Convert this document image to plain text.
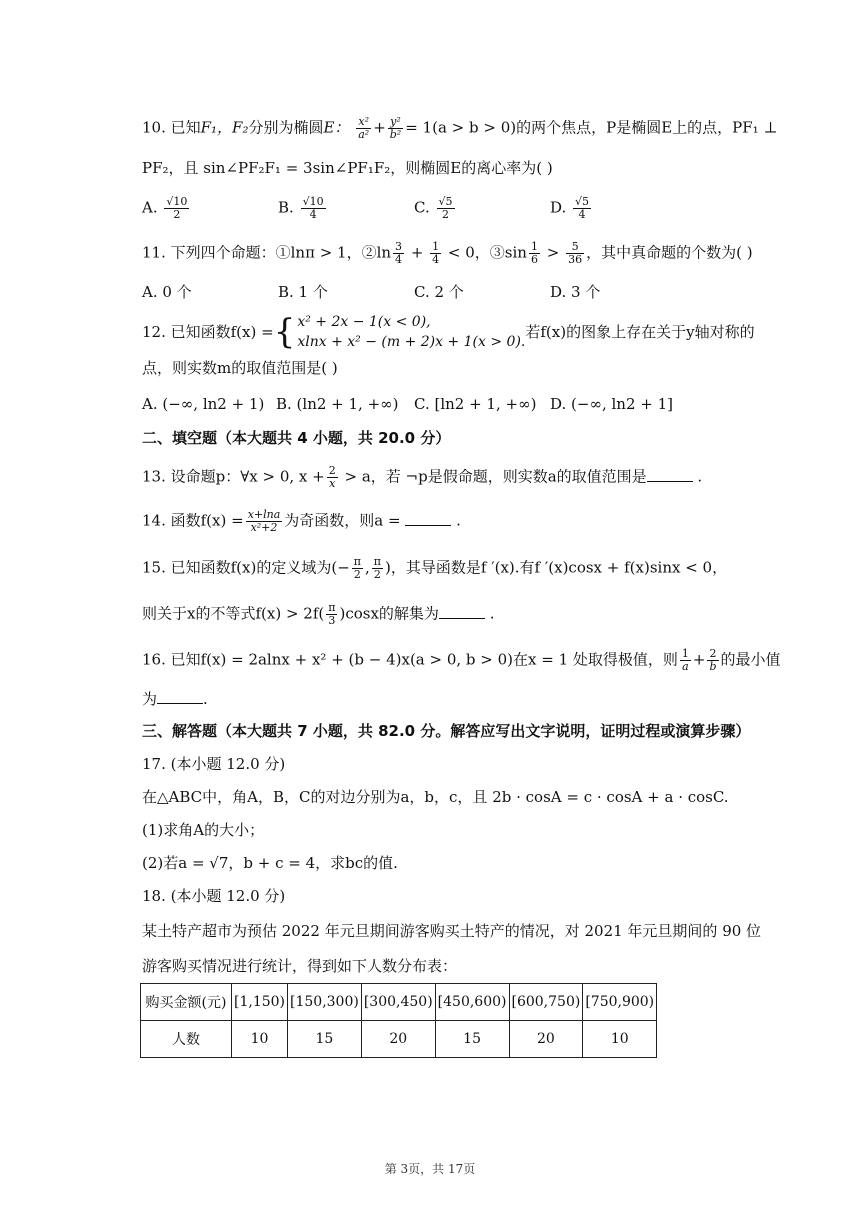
10. 已知F₁，F₂分别为椭圆E： $\frac{\text{x²}}{\text{a²}} + \frac{\text{y²}}{\text{b²}} = 1(a > b > 0)$的两个焦点，P是椭圆E上的点，PF₁ ⊥
PF₂，且 sin∠PF₂F₁ = 3sin∠PF₁F₂，则椭圆E的离心率为( )
A. $\frac{√10}{2}$	B. $\frac{√10}{4}$	C. $\frac{√5}{2}$	D. $\frac{√5}{4}$
11. 下列四个命题：①lnπ > 1，②ln $\frac{3}{4} + \frac{1}{4} < 0$，③sin $\frac{1}{6} > \frac{5}{36}$ ，其中真命题的个数为( )
A. 0 个	B. 1 个	C. 2 个	D. 3 个
12. 已知函数f(x) ={ x² + 2x − 1(x < 0),
xlnx + x² − (m + 2)x + 1(x > 0).
若f(x)的图象上存在关于y轴对称的
点，则实数m的取值范围是( )
A. (−∞, ln2 + 1) B. (ln2 + 1, +∞) C. [ln2 + 1, +∞) D. (−∞, ln2 + 1]
二、填空题（本大题共 4 小题，共 20.0 分）
13. 设命题p：∀x > 0, $x + \frac{2}{x} > a$，若 ¬p是假命题，则实数a的取值范围是	.
14. 函数$f(x) = \frac{x+\ln a}{\text{x²+2}}$ 为奇函数，则a =	.
15. 已知函数f(x)的定义域为(− $\frac{\pi}{2}$ , $\frac{\pi}{2}$ )，其导函数是f ′(x).有f ′(x)cosx + f(x)sinx < 0，
则关于x的不等式$f(x) > 2f( \frac{\pi}{3} )\cos x$的解集为	.
16. 已知f(x) = 2alnx + x² + (b − 4)x(a > 0, b > 0)在x = 1 处取得极值，则 $\frac{1}{a} + \frac{2}{b}$ 的最小值
为	.
三、解答题（本大题共 7 小题，共 82.0 分。解答应写出文字说明，证明过程或演算步骤）
17. (本小题 12.0 分)
在△ABC中，角A，B，C的对边分别为a，b，c，且 2b · cosA = c · cosA + a · cosC.
(1)求角A的大小；
(2)若a = √7，b + c = 4，求bc的值.
18. (本小题 12.0 分)
某土特产超市为预估 2022 年元旦期间游客购买土特产的情况，对 2021 年元旦期间的 90 位
游客购买情况进行统计，得到如下人数分布表：
购买金额(元)	[1,150)	[150,300)	[300,450)	[450,600)	[600,750)	[750,900)
人数	10	15	20	15	20	10
第 3页，共 17页
